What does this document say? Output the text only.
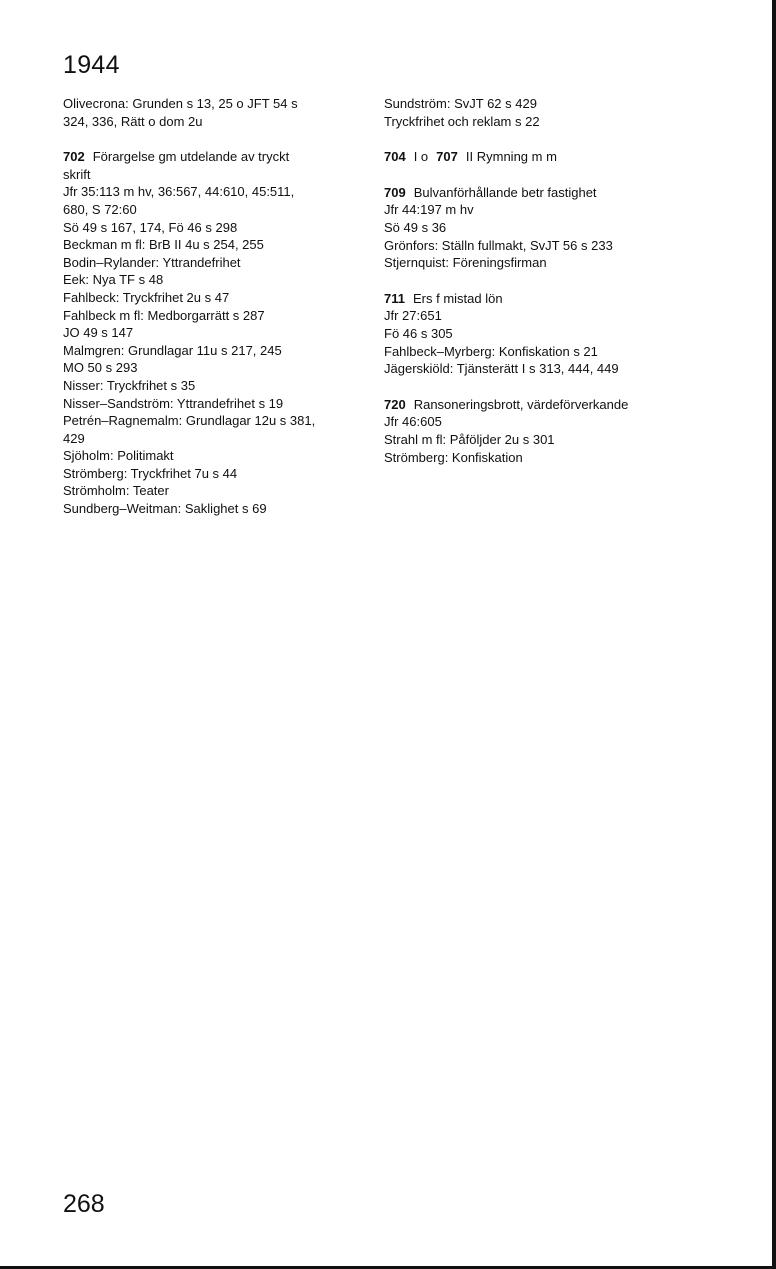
1944
Olivecrona: Grunden s 13, 25 o JFT 54 s
324, 336, Rätt o dom 2u
702 Förargelse gm utdelande av tryckt
skrift
Jfr 35:113 m hv, 36:567, 44:610, 45:511,
680, S 72:60
Sö 49 s 167, 174, Fö 46 s 298
Beckman m fl: BrB II 4u s 254, 255
Bodin–Rylander: Yttrandefrihet
Eek: Nya TF s 48
Fahlbeck: Tryckfrihet 2u s 47
Fahlbeck m fl: Medborgarrätt s 287
JO 49 s 147
Malmgren: Grundlagar 11u s 217, 245
MO 50 s 293
Nisser: Tryckfrihet s 35
Nisser–Sandström: Yttrandefrihet s 19
Petrén–Ragnemalm: Grundlagar 12u s 381,
429
Sjöholm: Politimakt
Strömberg: Tryckfrihet 7u s 44
Strömholm: Teater
Sundberg–Weitman: Saklighet s 69
Sundström: SvJT 62 s 429
Tryckfrihet och reklam s 22
704 I o 707 II Rymning m m
709 Bulvanförhållande betr fastighet
Jfr 44:197 m hv
Sö 49 s 36
Grönfors: Ställn fullmakt, SvJT 56 s 233
Stjernquist: Föreningsfirman
711 Ers f mistad lön
Jfr 27:651
Fö 46 s 305
Fahlbeck–Myrberg: Konfiskation s 21
Jägerskiöld: Tjänsterätt I s 313, 444, 449
720 Ransoneringsbrott, värdeförverkande
Jfr 46:605
Strahl m fl: Påföljder 2u s 301
Strömberg: Konfiskation
268
